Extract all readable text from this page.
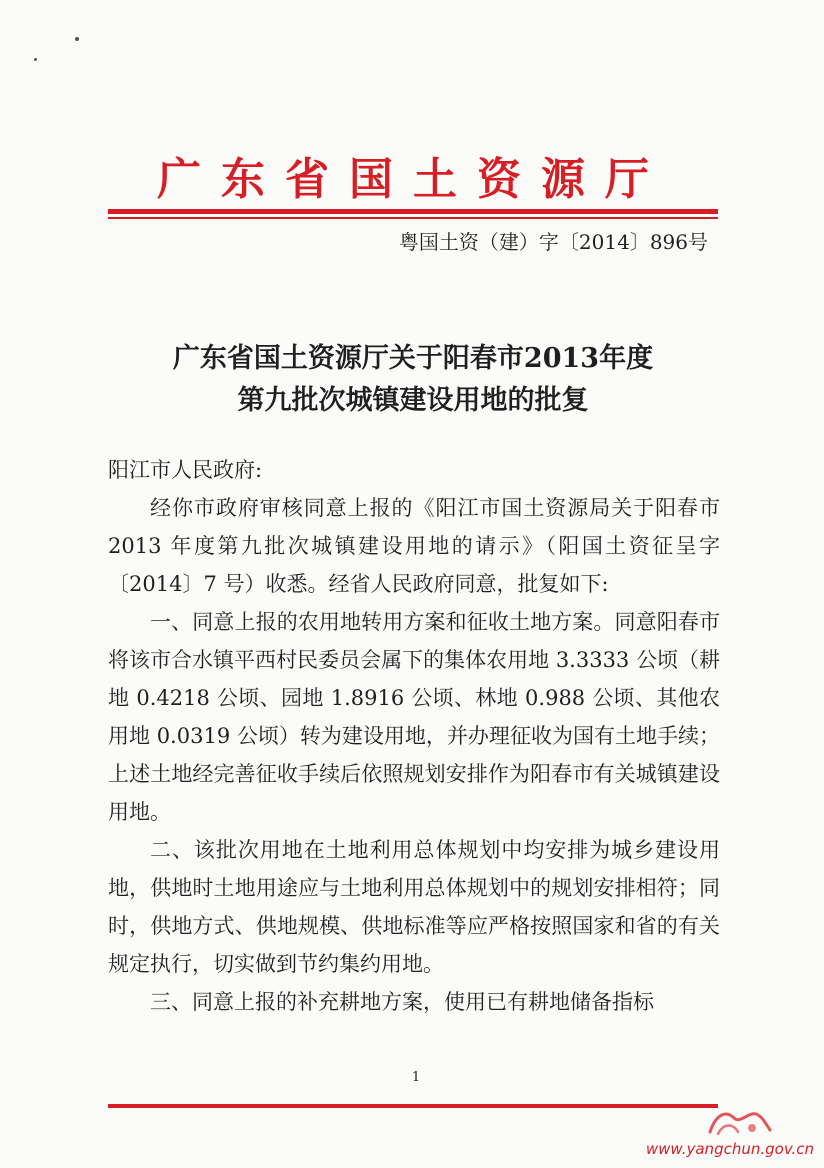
广东省国土资源厅
粤国土资（建）字〔2014〕896号
广东省国土资源厅关于阳春市2013年度
第九批次城镇建设用地的批复

阳江市人民政府:

经你市政府审核同意上报的《阳江市国土资源局关于阳春市 2013 年度第九批次城镇建设用地的请示》（阳国土资征呈字〔2014〕7 号）收悉。经省人民政府同意，批复如下:

一、同意上报的农用地转用方案和征收土地方案。同意阳春市将该市合水镇平西村民委员会属下的集体农用地 3.3333 公顷（耕地 0.4218 公顷、园地 1.8916 公顷、林地 0.988 公顷、其他农用地 0.0319 公顷）转为建设用地，并办理征收为国有土地手续；上述土地经完善征收手续后依照规划安排作为阳春市有关城镇建设用地。

二、该批次用地在土地利用总体规划中均安排为城乡建设用地，供地时土地用途应与土地利用总体规划中的规划安排相符；同时，供地方式、供地规模、供地标准等应严格按照国家和省的有关规定执行，切实做到节约集约用地。

三、同意上报的补充耕地方案，使用已有耕地储备指标

1
www.yangchun.gov.cn
